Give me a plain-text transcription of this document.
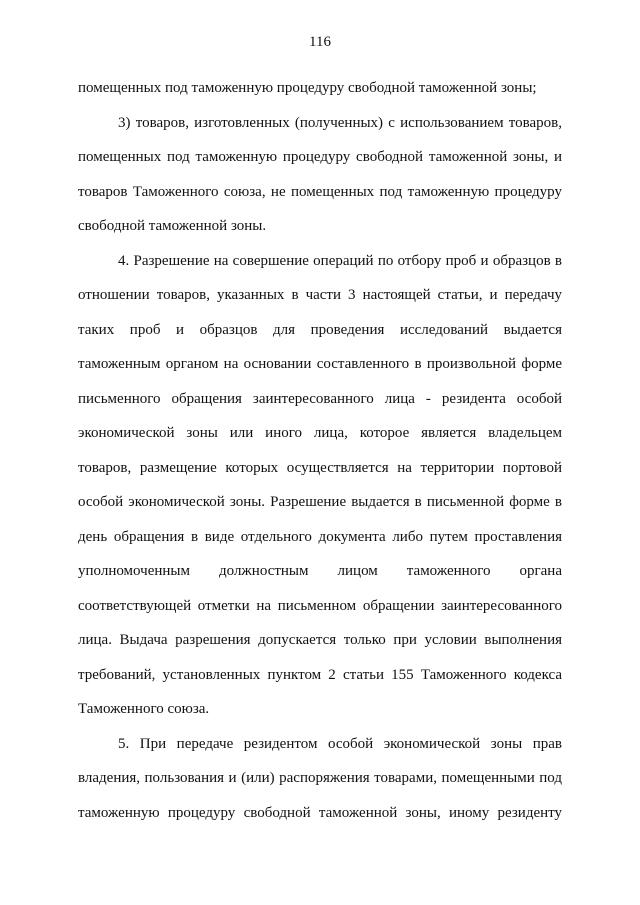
116
помещенных под таможенную процедуру свободной таможенной зоны;
3) товаров, изготовленных (полученных) с использованием товаров,
помещенных под таможенную процедуру свободной таможенной зоны, и
товаров Таможенного союза, не помещенных под таможенную процедуру
свободной таможенной зоны.
4. Разрешение на совершение операций по отбору проб и образцов в
отношении товаров, указанных в части 3 настоящей статьи, и передачу
таких проб и образцов для проведения исследований выдается
таможенным органом на основании составленного в произвольной форме
письменного обращения заинтересованного лица - резидента особой
экономической зоны или иного лица, которое является владельцем
товаров, размещение которых осуществляется на территории портовой
особой экономической зоны. Разрешение выдается в письменной форме в
день обращения в виде отдельного документа либо путем проставления
уполномоченным должностным лицом таможенного органа
соответствующей отметки на письменном обращении заинтересованного
лица. Выдача разрешения допускается только при условии выполнения
требований, установленных пунктом 2 статьи 155 Таможенного кодекса
Таможенного союза.
5. При передаче резидентом особой экономической зоны прав
владения, пользования и (или) распоряжения товарами, помещенными под
таможенную процедуру свободной таможенной зоны, иному резиденту
